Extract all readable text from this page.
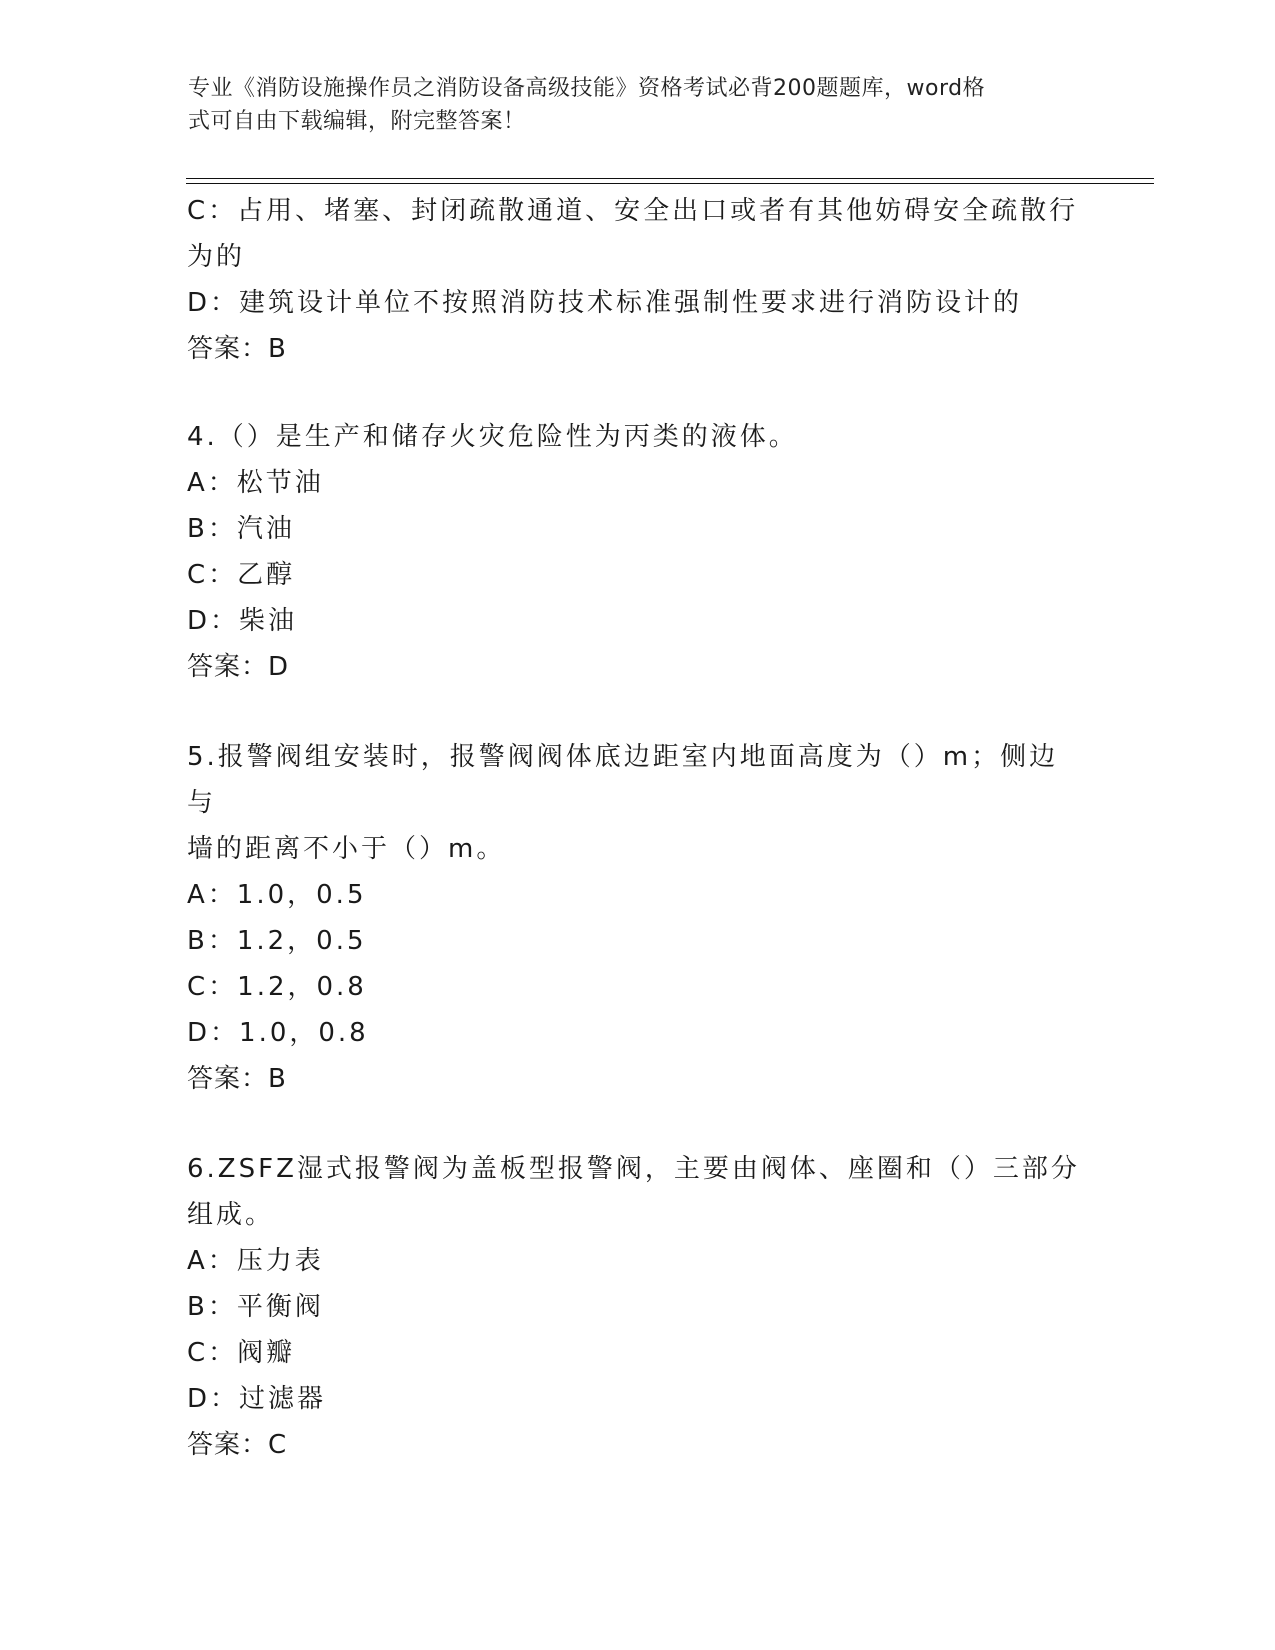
专业《消防设施操作员之消防设备高级技能》资格考试必背200题题库，word格
式可自由下载编辑，附完整答案！
C：占用、堵塞、封闭疏散通道、安全出口或者有其他妨碍安全疏散行
为的
D：建筑设计单位不按照消防技术标准强制性要求进行消防设计的
答案：B
4.（）是生产和储存火灾危险性为丙类的液体。
A：松节油
B：汽油
C：乙醇
D：柴油
答案：D
5.报警阀组安装时，报警阀阀体底边距室内地面高度为（）m；侧边与
墙的距离不小于（）m。
A：1.0，0.5
B：1.2，0.5
C：1.2，0.8
D：1.0，0.8
答案：B
6.ZSFZ湿式报警阀为盖板型报警阀，主要由阀体、座圈和（）三部分
组成。
A：压力表
B：平衡阀
C：阀瓣
D：过滤器
答案：C
